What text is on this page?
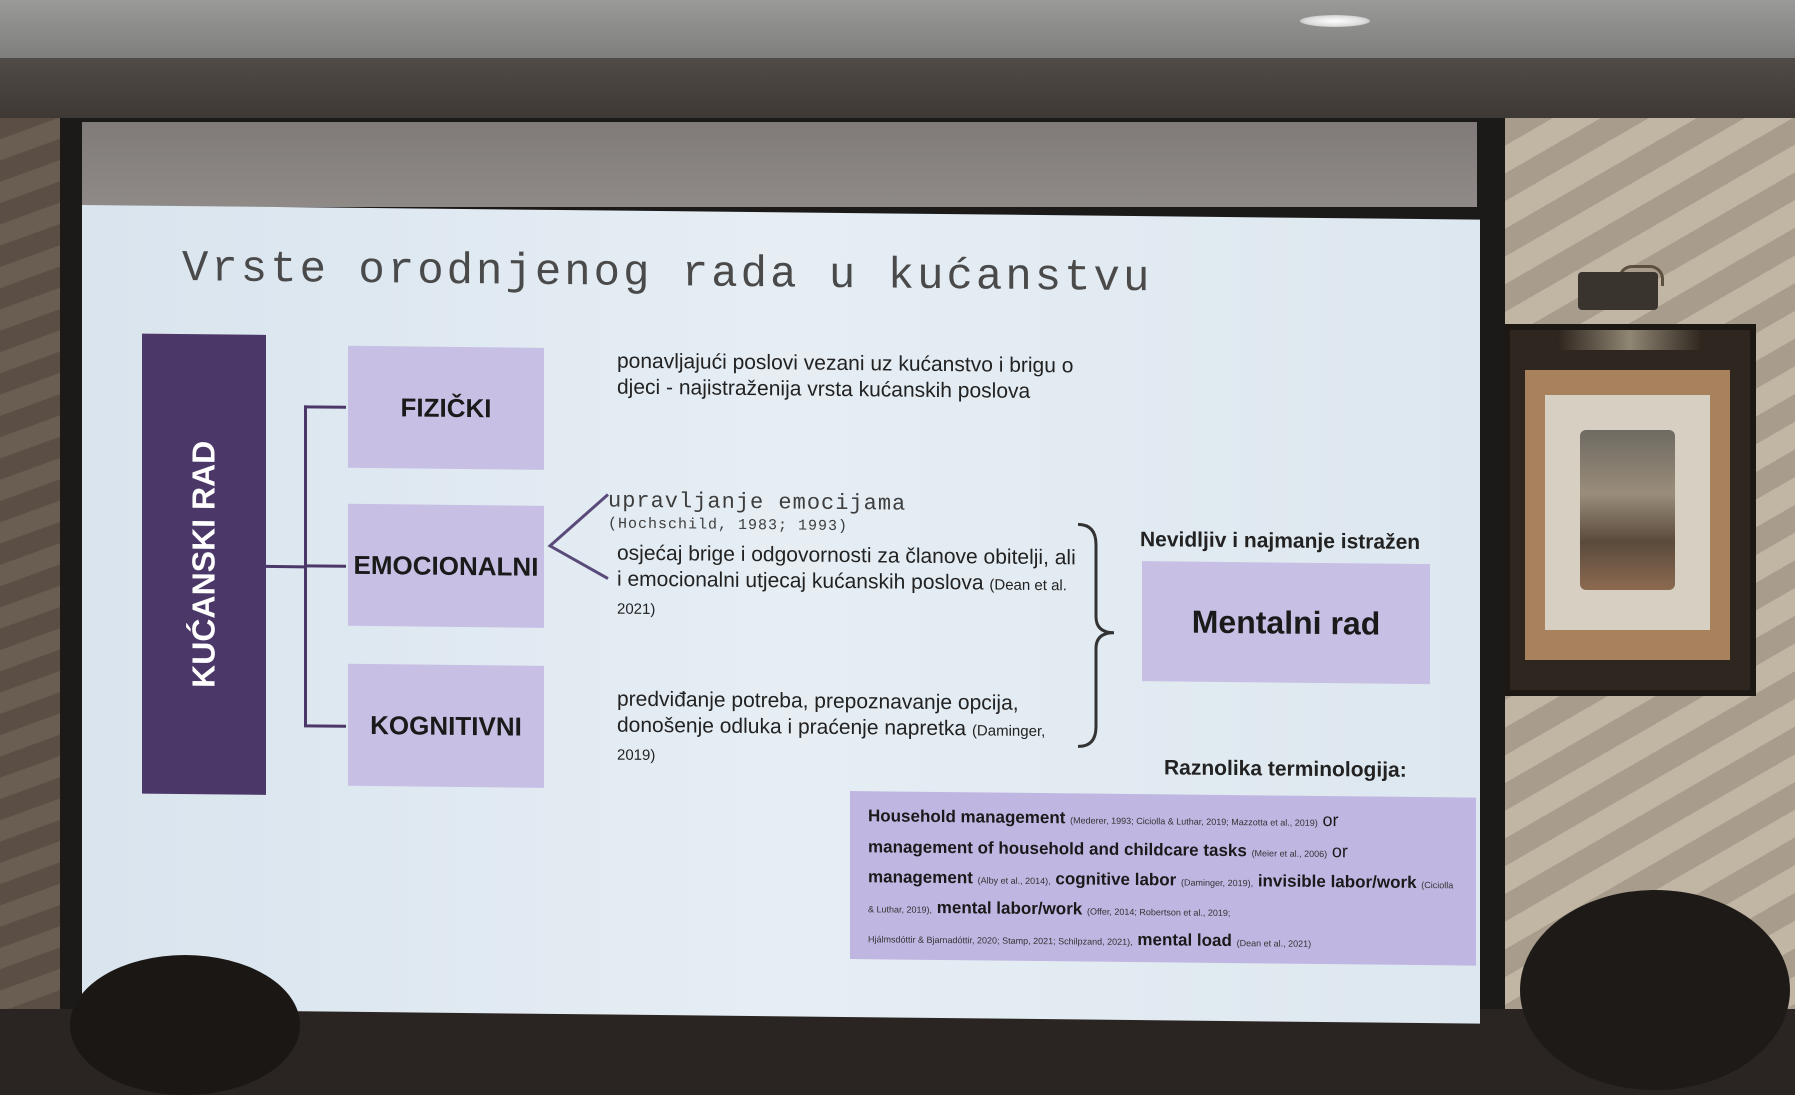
Vrste orodnjenog rada u kućanstvu
KUĆANSKI RAD
FIZIČKI
EMOCIONALNI
KOGNITIVNI
ponavljajući poslovi vezani uz kućanstvo i brigu o djeci - najistraženija vrsta kućanskih poslova
upravljanje emocijama
(Hochschild, 1983; 1993)
osjećaj brige i odgovornosti za članove obitelji, ali i emocionalni utjecaj kućanskih poslova (Dean et al. 2021)
predviđanje potreba, prepoznavanje opcija, donošenje odluka i praćenje napretka (Daminger, 2019)
Nevidljiv i najmanje istražen
Mentalni rad
Raznolika terminologija:
Household management (Mederer, 1993; Ciciolla & Luthar, 2019; Mazzotta et al., 2019) or
management of household and childcare tasks (Meier et al., 2006) or
management (Alby et al., 2014), cognitive labor (Daminger, 2019), invisible labor/work (Ciciolla & Luthar, 2019), mental labor/work (Offer, 2014; Robertson et al., 2019;
Hjálmsdóttir & Bjarnadóttir, 2020; Stamp, 2021; Schilpzand, 2021), mental load (Dean et al., 2021)
